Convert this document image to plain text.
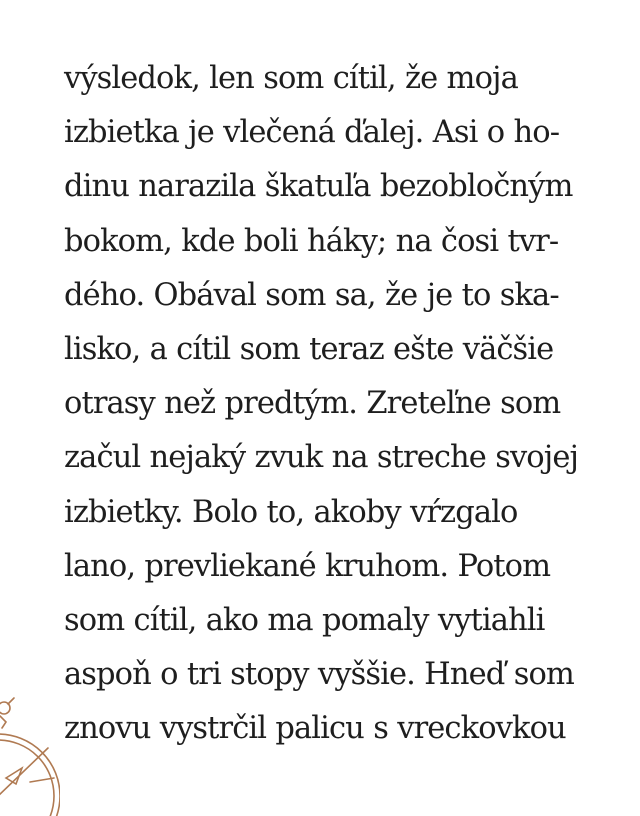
výsledok, len som cítil, že moja
izbietka je vlečená ďalej. Asi o ho-
dinu narazila škatuľa bezobločným
bokom, kde boli háky; na čosi tvr-
dého. Obával som sa, že je to ska-
lisko, a cítil som teraz ešte väčšie
otrasy než predtým. Zreteľne som
začul nejaký zvuk na streche svojej
izbietky. Bolo to, akoby vŕzgalo
lano, prevliekané kruhom. Potom
som cítil, ako ma pomaly vytiahli
aspoň o tri stopy vyššie. Hneď som
znovu vystrčil palicu s vreckovkou
